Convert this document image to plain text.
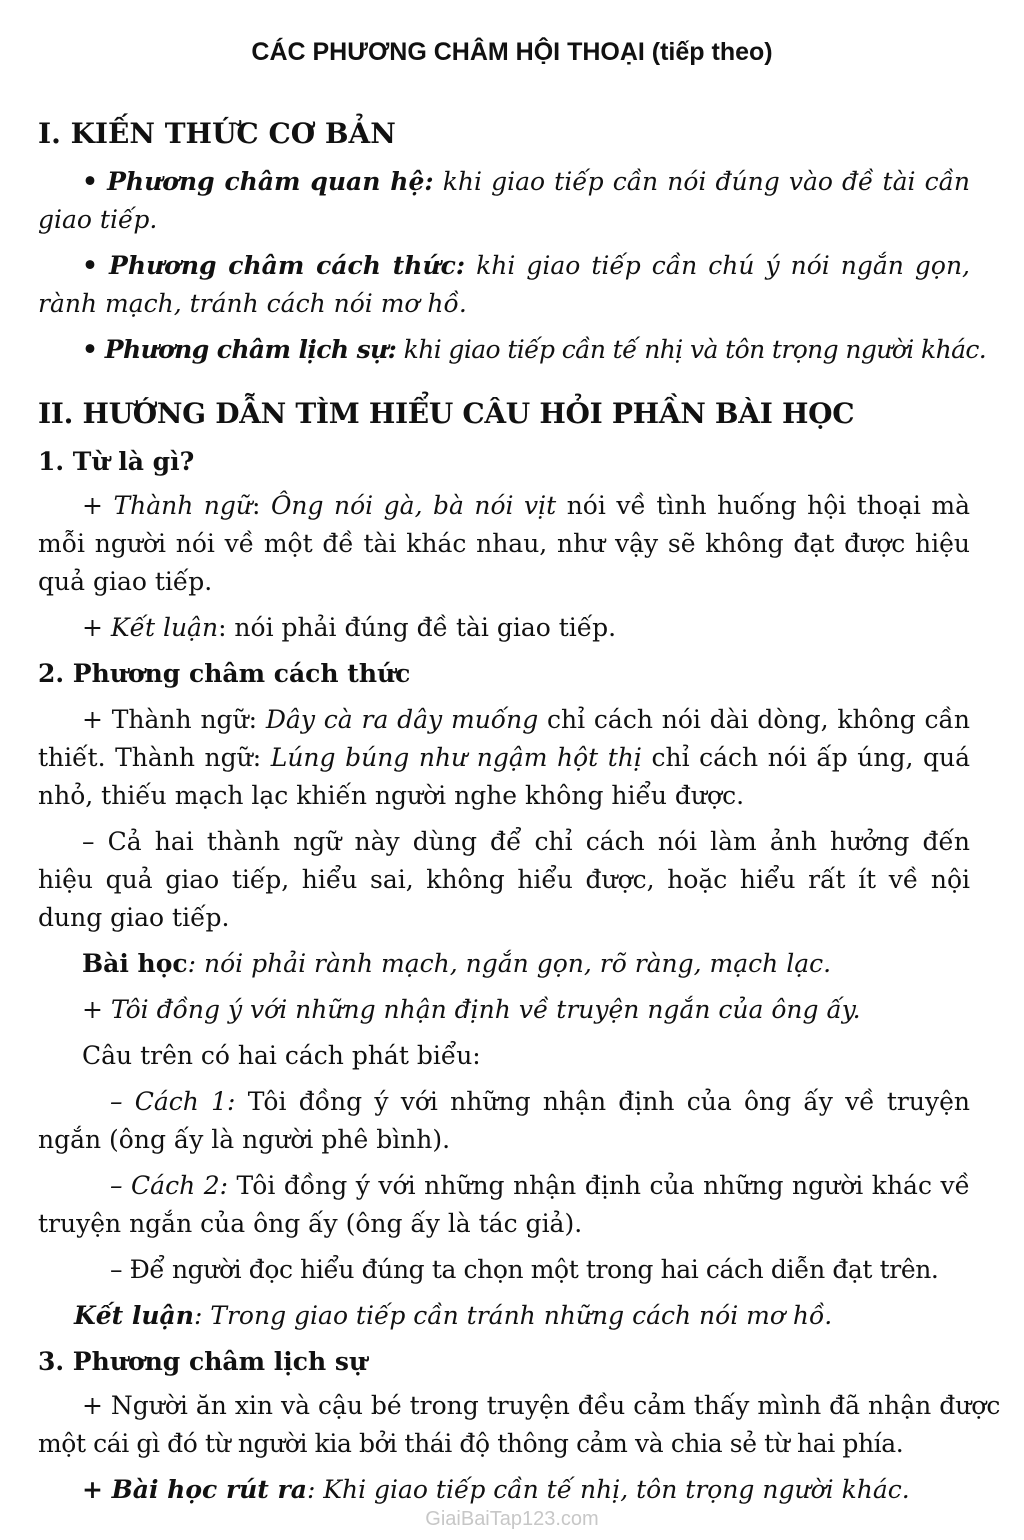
CÁC PHƯƠNG CHÂM HỘI THOẠI (tiếp theo)
I. KIẾN THỨC CƠ BẢN
• Phương châm quan hệ: khi giao tiếp cần nói đúng vào đề tài cần
giao tiếp.
• Phương châm cách thức: khi giao tiếp cần chú ý nói ngắn gọn,
rành mạch, tránh cách nói mơ hồ.
• Phương châm lịch sự: khi giao tiếp cần tế nhị và tôn trọng người khác.
II. HƯỚNG DẪN TÌM HIỂU CÂU HỎI PHẦN BÀI HỌC
1. Từ là gì?
+ Thành ngữ: Ông nói gà, bà nói vịt nói về tình huống hội thoại mà
mỗi người nói về một đề tài khác nhau, như vậy sẽ không đạt được hiệu
quả giao tiếp.
+ Kết luận: nói phải đúng đề tài giao tiếp.
2. Phương châm cách thức
+ Thành ngữ: Dây cà ra dây muống chỉ cách nói dài dòng, không cần
thiết. Thành ngữ: Lúng búng như ngậm hột thị chỉ cách nói ấp úng, quá
nhỏ, thiếu mạch lạc khiến người nghe không hiểu được.
– Cả hai thành ngữ này dùng để chỉ cách nói làm ảnh hưởng đến
hiệu quả giao tiếp, hiểu sai, không hiểu được, hoặc hiểu rất ít về nội
dung giao tiếp.
Bài học: nói phải rành mạch, ngắn gọn, rõ ràng, mạch lạc.
+ Tôi đồng ý với những nhận định về truyện ngắn của ông ấy.
Câu trên có hai cách phát biểu:
– Cách 1: Tôi đồng ý với những nhận định của ông ấy về truyện
ngắn (ông ấy là người phê bình).
– Cách 2: Tôi đồng ý với những nhận định của những người khác về
truyện ngắn của ông ấy (ông ấy là tác giả).
– Để người đọc hiểu đúng ta chọn một trong hai cách diễn đạt trên.
Kết luận: Trong giao tiếp cần tránh những cách nói mơ hồ.
3. Phương châm lịch sự
+ Người ăn xin và cậu bé trong truyện đều cảm thấy mình đã nhận được
một cái gì đó từ người kia bởi thái độ thông cảm và chia sẻ từ hai phía.
+ Bài học rút ra: Khi giao tiếp cần tế nhị, tôn trọng người khác.
GiaiBaiTap123.com
